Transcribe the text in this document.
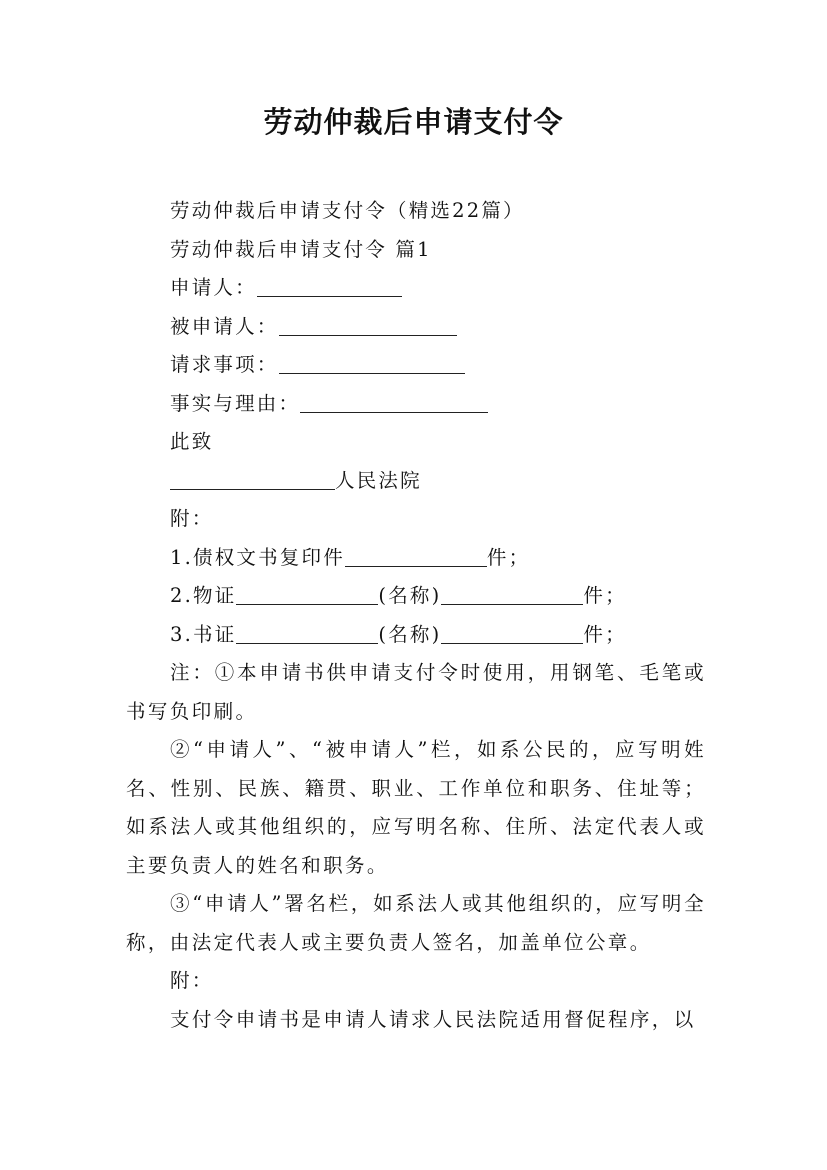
劳动仲裁后申请支付令
劳动仲裁后申请支付令（精选22篇）
劳动仲裁后申请支付令 篇1
申请人：
被申请人：
请求事项：
事实与理由：
此致
人民法院
附：
1.债权文书复印件	件；
2.物证	(名称)	件；
3.书证	(名称)	件；
注：①本申请书供申请支付令时使用，用钢笔、毛笔或书写负印刷。
②“申请人”、“被申请人”栏，如系公民的，应写明姓名、性别、民族、籍贯、职业、工作单位和职务、住址等；如系法人或其他组织的，应写明名称、住所、法定代表人或主要负责人的姓名和职务。
③“申请人”署名栏，如系法人或其他组织的，应写明全称，由法定代表人或主要负责人签名，加盖单位公章。
附：
支付令申请书是申请人请求人民法院适用督促程序，以
